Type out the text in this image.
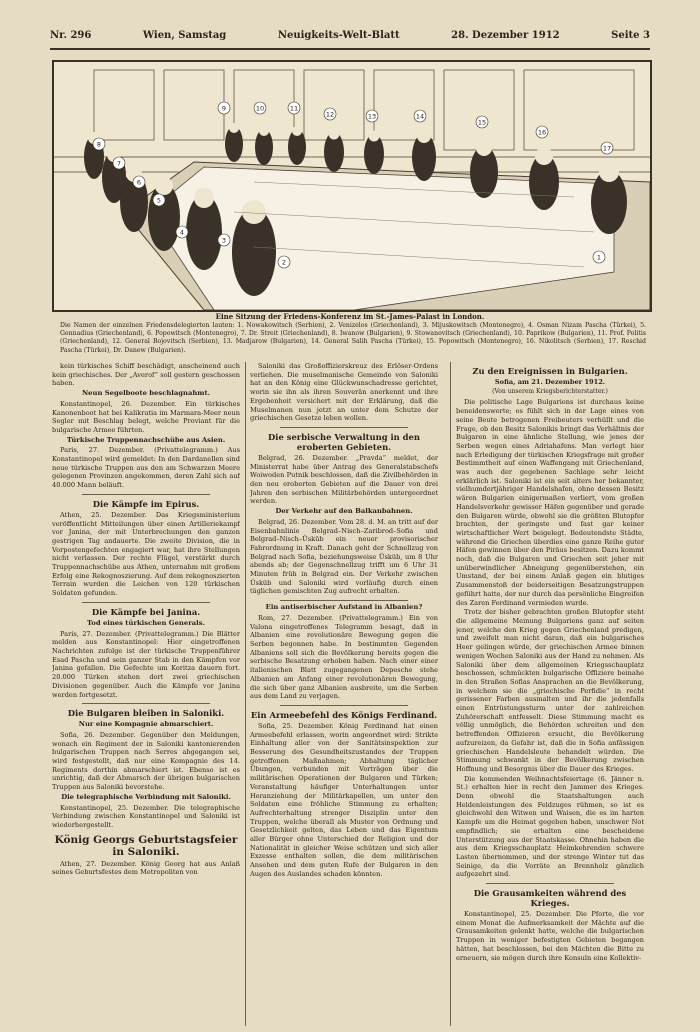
Nr. 296	Wien, Samstag	Neuigkeits-Welt-Blatt	28. Dezember 1912	Seite 3
1
2
3
4
5
6
7
8
9	10	11
12	13	14
15
16
17
Eine Sitzung der Friedens-Konferenz im St.-James-Palast in London.
Die Namen der einzelnen Friedensdelegierten lauten: 1. Nowakowitsch (Serbien), 2. Venizelos (Griechenland), 3. Mijuskowitsch (Montenegro), 4. Osman Nizam Pascha (Türkei), 5. Gennadius (Griechenland), 6. Popowitsch (Montenegro), 7. Dr. Streit (Griechenland), 8. Iwanow (Bulgarien), 9. Stowanovitsch (Griechenland), 10. Paprikow (Bulgarien), 11. Prof. Politis (Griechenland), 12. General Bojovitsch (Serbien), 13. Madjarow (Bulgarien), 14. General Salih Pascha (Türkei), 15. Popowitsch (Montenegro), 16. Nikolitsch (Serbien), 17. Reschid Pascha (Türkei), Dr. Danew (Bulgarien).

kein türkisches Schiff beschädigt, anscheinend auch kein griechisches. Der „Averof“ soll gestern geschossen haben.

Neun Segelboote beschlagnahmt.

Konstantinopel, 26. Dezember. Ein türkisches Kanonenboot hat bei Kalikratia im Marmara-Meer neun Segler mit Beschlag belegt, welche Proviant für die bulgarische Armee führten.

Türkische Truppennachschübe aus Asien.

Paris, 27. Dezember. (Privattelegramm.) Aus Konstantinopel wird gemeldet: In den Dardanellen sind neue türkische Truppen aus den am Schwarzen Meere gelegenen Provinzen angekommen, deren Zahl sich auf 40.000 Mann beläuft.

Die Kämpfe im Epirus.

Athen, 25. Dezember. Das Kriegsministerium veröffentlicht Mitteilungen über einen Artilleriekampf vor Janina, der mit Unterbrechungen den ganzen gestrigen Tag andauerte. Die zweite Division, die in Vorpostengefechten engagiert war, hat ihre Stellungen nicht verlassen. Der rechte Flügel, verstärkt durch Truppennachschübe aus Athen, unternahm mit großem Erfolg eine Rekognoszierung. Auf dem rekognoszierten Terrain wurden die Leichen von 120 türkischen Soldaten gefunden.

Die Kämpfe bei Janina.
Tod eines türkischen Generals.

Paris, 27. Dezember. (Privattelegramm.) Die Blätter melden aus Konstantinopel: Hier eingetroffenen Nachrichten zufolge ist der türkische Truppenführer Esad Pascha und sein ganzer Stab in den Kämpfen vor Janina gefallen. Die Gefechte um Koritza dauern fort. 20.000 Türken stehen dort zwei griechischen Divisionen gegenüber. Auch die Kämpfe vor Janina werden fortgesetzt.

Die Bulgaren bleiben in Saloniki.
Nur eine Kompagnie abmarschiert.

Sofia, 26. Dezember. Gegenüber den Meldungen, wonach ein Regiment der in Saloniki kantonierenden bulgarischen Truppen nach Serres abgegangen sei, wird festgestellt, daß nur eine Kompagnie des 14. Regiments dorthin abmarschiert ist. Ebenso ist es unrichtig, daß der Abmarsch der übrigen bulgarischen Truppen aus Saloniki bevorstehe.

Die telegraphische Verbindung mit Saloniki.

Konstantinopel, 25. Dezember. Die telegraphische Verbindung zwischen Konstantinopel und Saloniki ist wiederhergestellt.

König Georgs Geburtstagsfeier in Saloniki.

Athen, 27. Dezember. König Georg hat aus Anlaß seines Geburtsfestes dem Metropoliten von

Saloniki das Großoffizierskreuz des Erlöser-Ordens verliehen. Die muselmanische Gemeinde von Saloniki hat an den König eine Glückwunschadresse gerichtet, worin sie ihn als ihren Souverän anerkennt und ihre Ergebenheit versichert mit der Erklärung, daß die Muselmanen nun jetzt an unter dem Schutze der griechischen Gesetze leben wollen.

Die serbische Verwaltung in den eroberten Gebieten.

Belgrad, 26. Dezember. „Pravda“ meldet, der Ministerrat habe über Antrag des Generalstabschefs Woiwoden Putnik beschlossen, daß die Zivilbehörden in den neu eroberten Gebieten auf die Dauer von drei Jahren den serbischen Militärbehörden untergeordnet werden.

Der Verkehr auf den Balkanbahnen.

Belgrad, 26. Dezember. Vom 28. d. M. an tritt auf der Eisenbahnlinie Belgrad–Nisch–Zaribrod–Sofia und Belgrad–Nisch–Üsküb ein neuer provisorischer Fahrordnung in Kraft. Danach geht der Schnellzug von Belgrad nach Sofia, beziehungsweise Üsküb, um 8 Uhr abends ab; der Gegenschnellzug trifft um 6 Uhr 31 Minuten früh in Belgrad ein. Der Verkehr zwischen Üsküb und Saloniki wird vorläufig durch einen täglichen gemischten Zug aufrecht erhalten.

Ein antiserbischer Aufstand in Albanien?

Rom, 27. Dezember. (Privattelegramm.) Ein von Valona eingetroffenes Telegramm besagt, daß in Albanien eine revolutionäre Bewegung gegen die Serben begonnen habe. In bestimmten Gegenden Albaniens soll sich die Bevölkerung bereits gegen die serbische Besatzung erhoben haben. Nach einer einer italienischen Blatt zugegangenen Depesche stehe Albanien am Anfang einer revolutionären Bewegung, die sich über ganz Albanien ausbreite, um die Serben aus dem Land zu verjagen.

Ein Armeebefehl des Königs Ferdinand.

Sofia, 25. Dezember. König Ferdinand hat einen Armeebefehl erlassen, worin angeordnet wird: Strikte Einhaltung aller von der Sanitätsinspektion zur Besserung des Gesundheitszustandes der Truppen getroffenen Maßnahmen; Abhaltung täglicher Übungen, verbunden mit Vorträgen über die militärischen Operationen der Bulgaren und Türken; Veranstaltung häufiger Unterhaltungen unter Heranziehung der Militärkapellen, um unter den Soldaten eine fröhliche Stimmung zu erhalten; Aufrechterhaltung strenger Disziplin unter den Truppen, welche überall als Muster von Ordnung und Gesetzlichkeit gelten, das Leben und das Eigentum aller Bürger ohne Unterschied der Religion und der Nationalität in gleicher Weise schützen und sich aller Exzesse enthalten sollen, die dem militärischen Ansehen und dem guten Rufe der Bulgaren in den Augen des Auslandes schaden könnten.

Zu den Ereignissen in Bulgarien.
Sofia, am 21. Dezember 1912.
(Von unserem Kriegsberichterstatter.)

Die politische Lage Bulgariens ist durchaus keine beneidenswerte; es fühlt sich in der Lage eines von seine Beute betrogenen Freibeuters verhüllt und die Frage, ob den Besitz Salonikis bringt das Verhältnis der Bulgaren in eine ähnliche Stellung, wie jenes der Serben wegen eines Adriahafens. Man verlegt hier nach Erledigung der türkischen Kriegsfrage mit großer Bestimmtheit auf einen Waffengang mit Griechenland, was auch der gegebenen Sachlage sehr leicht erklärlich ist. Saloniki ist ein seit alters her bekannter, vielhumdertjähriger Handelshafen, ohne dessen Besitz wären Bulgarien einigermaßen verliert, vom großen Handelsverkehr gewisser Häfen gegenüber und gerade den Bulgaren würde, obwohl sie die größten Blutopfer brachten, der geringste und fast gar keiner wirtschaftlicher Wert beigelegt. Bedeutendste Städte, während die Griechen überdies eine ganze Reihe guter Häfen gewinnen über den Piräus besitzen. Dazu kommt noch, daß die Bulgaren und Griechen seit jeher mit unüberwindlicher Abneigung gegenüberstehen, ein Umstand, der bei einem Anlaß gegen ein blutiges Zusammenstoß der beiderseitigen Besatzungstruppen geführt hatte, der nur durch das persönliche Eingreifen des Zaren Ferdinand vermieden wurde.

Trotz der bisher gebrachten großen Blutopfer steht die allgemeine Meinung Bulgariens ganz auf seiten jener, welche den Krieg gegen Griechenland predigen, und zweifelt man nicht daran, daß ein bulgarisches Heer gelingen würde, der griechischen Armee binnen wenigen Wochen Saloniki aus der Hand zu nehmen. Als Saloniki über dem allgemeinen Kriegsschauplatz beschossen, schmückten bulgarische Offiziere beinahe in den Straßen Sofias Ansprachen an die Bevölkerung, in welchem sie die „griechische Perfidie“ in recht gerissener Farben ausmalten und ihr die jedenfalls einen Entrüstungssturm unter der zahlreichen Zuhörerschaft entfesselt. Diese Stimmung macht es völlig unmöglich, die Behörden schreiten und den betreffenden Offizieren ersucht, die Bevölkerung aufzureizen, da Gefahr ist, daß die in Sofia anfässigen griechischen Handelsleute behandelt würden. Die Stimmung schwankt in der Bevölkerung zwischen Hoffnung und Besorgnis über die Dauer des Krieges.

Die kommenden Weihnachtsfeiertage (6. Jänner n. St.) erhalten hier in recht den Jammer des Krieges. Denn obwohl die Staatshaltungen auch Heldenleistungen des Feldzuges rühmen, so ist es gleichwohl den Witwen und Waisen, die es im harten Kampfe um die Heimat gegeben haben, unschwer Not empfindlich; sie erhalten eine bescheidene Unterstützung aus der Staatskasse. Ohnehin haben die aus dem Kriegsschauplatz Heimkehrenden schwere Lasten übernommen, und der strenge Winter tut das Seinige, da die Vorräte an Brennholz gänzlich aufgezehrt sind.

Die Grausamkeiten während des Krieges.

Konstantinopel, 25. Dezember. Die Pforte, die vor einem Monat die Aufmerksamkeit der Mächte auf die Grausamkeiten gelenkt hatte, welche die bulgarischen Truppen in weniger befestigten Gebieten begangen hätten, hat beschlossen, bei den Mächten die Bitte zu erneuern, sie mögen durch ihre Konsuln eine Kollektiv-
